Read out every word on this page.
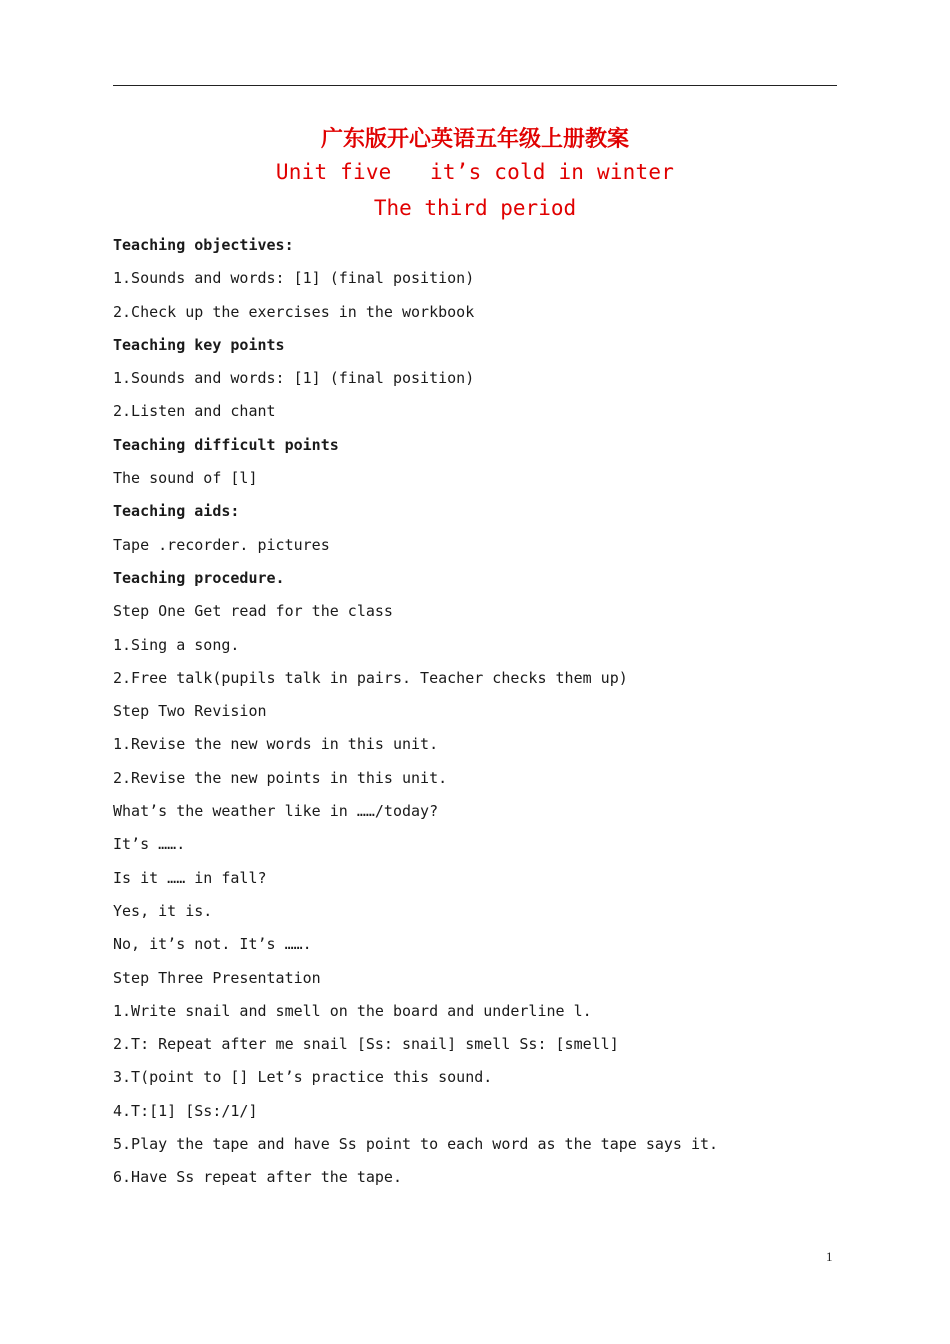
广东版开心英语五年级上册教案
Unit five   it’s cold in winter
The third period
Teaching objectives:
1.Sounds and words: [1] (final position)
2.Check up the exercises in the workbook
Teaching key points
1.Sounds and words: [1] (final position)
2.Listen and chant
Teaching difficult points
The sound of [l]
Teaching aids:
Tape .recorder. pictures
Teaching procedure.
Step One Get read for the class
1.Sing a song.
2.Free talk(pupils talk in pairs. Teacher checks them up)
Step Two Revision
1.Revise the new words in this unit.
2.Revise the new points in this unit.
What’s the weather like in ……/today?
It’s …….
Is it …… in fall?
Yes, it is.
No, it’s not. It’s …….
Step Three Presentation
1.Write snail and smell on the board and underline l.
2.T: Repeat after me snail [Ss: snail] smell Ss: [smell]
3.T(point to [] Let’s practice this sound.
4.T:[1] [Ss:/1/]
5.Play the tape and have Ss point to each word as the tape says it.
6.Have Ss repeat after the tape.
1
